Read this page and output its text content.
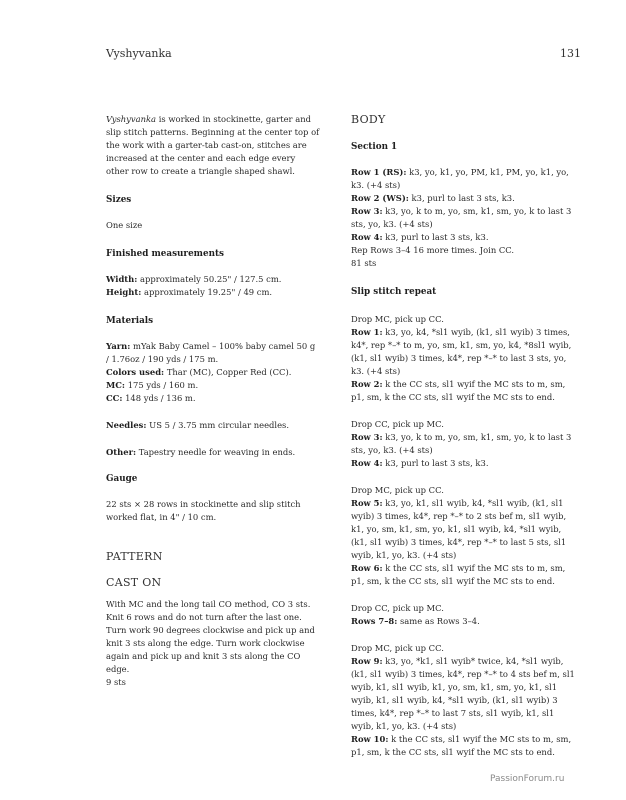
Vyshyvanka	131

Vyshyvanka is worked in stockinette, garter and slip stitch patterns. Beginning at the center top of the work with a garter-tab cast-on, stitches are increased at the center and each edge every other row to create a triangle shaped shawl.

Sizes

One size

Finished measurements

Width: approximately 50.25" / 127.5 cm.

Height: approximately 19.25" / 49 cm.

Materials

Yarn: mYak Baby Camel – 100% baby camel 50 g / 1.76oz / 190 yds / 175 m.

Colors used: Thar (MC), Copper Red (CC).

MC: 175 yds / 160 m.

CC: 148 yds / 136 m.

Needles: US 5 / 3.75 mm circular needles.

Other: Tapestry needle for weaving in ends.

Gauge

22 sts × 28 rows in stockinette and slip stitch worked flat, in 4" / 10 cm.

PATTERN

CAST ON

With MC and the long tail CO method, CO 3 sts. Knit 6 rows and do not turn after the last one. Turn work 90 degrees clockwise and pick up and knit 3 sts along the edge. Turn work clockwise again and pick up and knit 3 sts along the CO edge.

9 sts

BODY

Section 1

Row 1 (RS): k3, yo, k1, yo, PM, k1, PM, yo, k1, yo, k3. (+4 sts)

Row 2 (WS): k3, purl to last 3 sts, k3.

Row 3: k3, yo, k to m, yo, sm, k1, sm, yo, k to last 3 sts, yo, k3. (+4 sts)

Row 4: k3, purl to last 3 sts, k3.

Rep Rows 3–4 16 more times. Join CC.

81 sts

Slip stitch repeat

Drop MC, pick up CC.

Row 1: k3, yo, k4, *sl1 wyib, (k1, sl1 wyib) 3 times, k4*, rep *–* to m, yo, sm, k1, sm, yo, k4, *8sl1 wyib, (k1, sl1 wyib) 3 times, k4*, rep *–* to last 3 sts, yo, k3. (+4 sts)

Row 2: k the CC sts, sl1 wyif the MC sts to m, sm, p1, sm, k the CC sts, sl1 wyif the MC sts to end.

Drop CC, pick up MC.

Row 3: k3, yo, k to m, yo, sm, k1, sm, yo, k to last 3 sts, yo, k3. (+4 sts)

Row 4: k3, purl to last 3 sts, k3.

Drop MC, pick up CC.

Row 5: k3, yo, k1, sl1 wyib, k4, *sl1 wyib, (k1, sl1 wyib) 3 times, k4*, rep *–* to 2 sts bef m, sl1 wyib, k1, yo, sm, k1, sm, yo, k1, sl1 wyib, k4, *sl1 wyib, (k1, sl1 wyib) 3 times, k4*, rep *–* to last 5 sts, sl1 wyib, k1, yo, k3. (+4 sts)

Row 6: k the CC sts, sl1 wyif the MC sts to m, sm, p1, sm, k the CC sts, sl1 wyif the MC sts to end.

Drop CC, pick up MC.

Rows 7–8: same as Rows 3–4.

Drop MC, pick up CC.

Row 9: k3, yo, *k1, sl1 wyib* twice, k4, *sl1 wyib, (k1, sl1 wyib) 3 times, k4*, rep *–* to 4 sts bef m, sl1 wyib, k1, sl1 wyib, k1, yo, sm, k1, sm, yo, k1, sl1 wyib, k1, sl1 wyib, k4, *sl1 wyib, (k1, sl1 wyib) 3 times, k4*, rep *–* to last 7 sts, sl1 wyib, k1, sl1 wyib, k1, yo, k3. (+4 sts)

Row 10: k the CC sts, sl1 wyif the MC sts to m, sm, p1, sm, k the CC sts, sl1 wyif the MC sts to end.

PassionForum.ru
